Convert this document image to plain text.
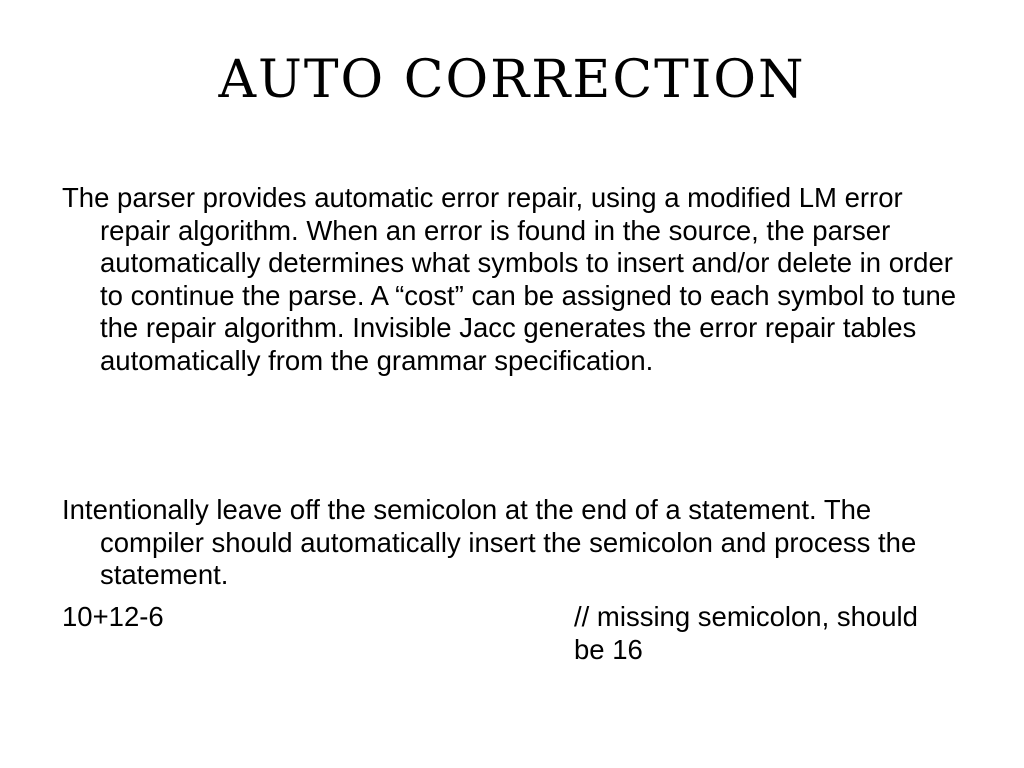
AUTO CORRECTION

The parser provides automatic error repair, using a modified LM error repair algorithm. When an error is found in the source, the parser automatically determines what symbols to insert and/or delete in order to continue the parse. A “cost” can be assigned to each symbol to tune the repair algorithm. Invisible Jacc generates the error repair tables automatically from the grammar specification.

Intentionally leave off the semicolon at the end of a statement. The compiler should automatically insert the semicolon and process the statement.

10+12-6	// missing semicolon, should be 16
